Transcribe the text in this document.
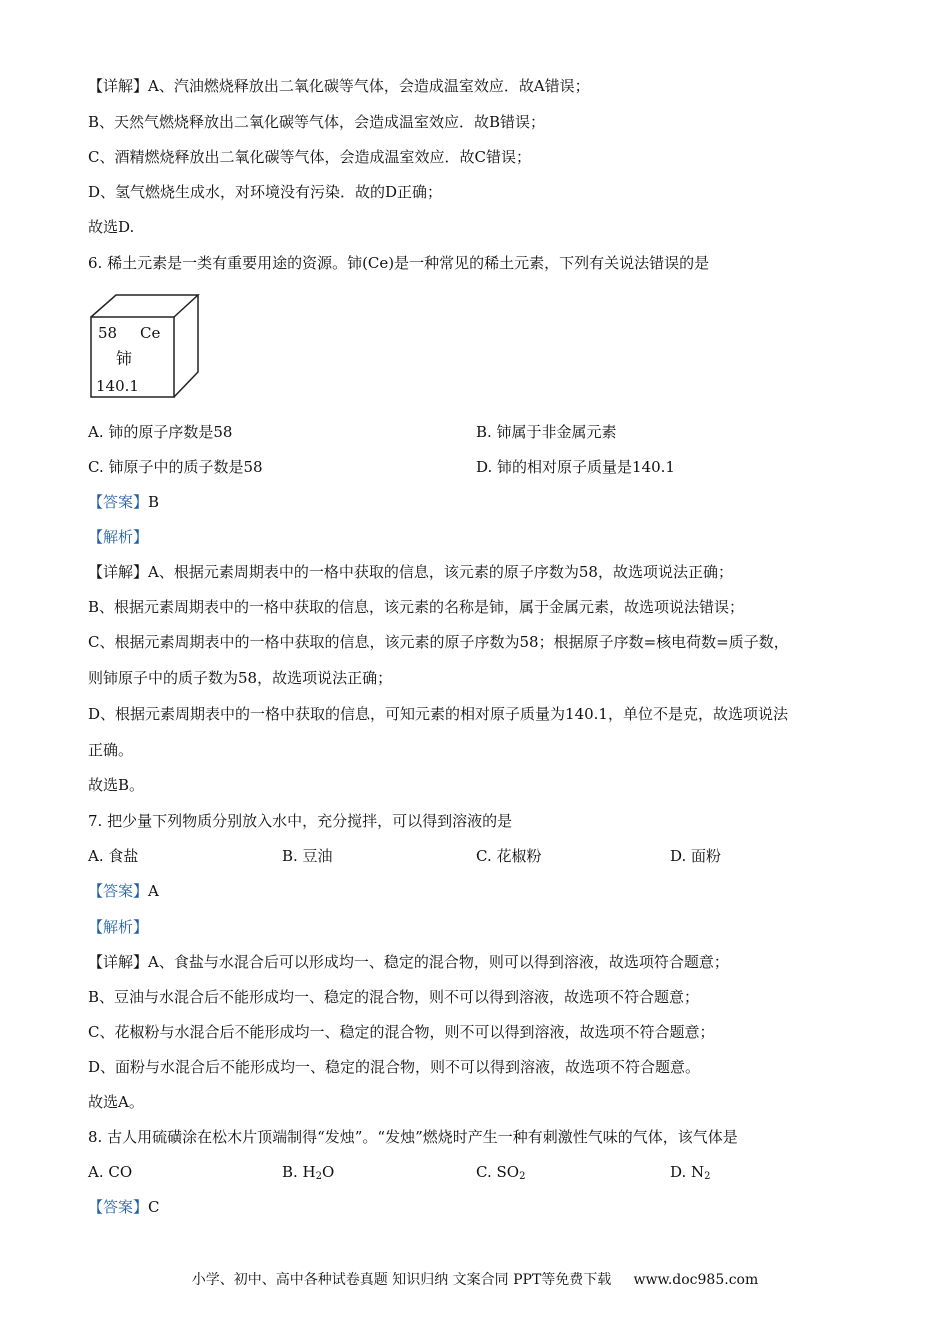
【详解】A、汽油燃烧释放出二氧化碳等气体，会造成温室效应．故A错误；
B、天然气燃烧释放出二氧化碳等气体，会造成温室效应．故B错误；
C、酒精燃烧释放出二氧化碳等气体，会造成温室效应．故C错误；
D、氢气燃烧生成水，对环境没有污染．故的D正确；
故选D.
6. 稀土元素是一类有重要用途的资源。铈(Ce)是一种常见的稀土元素，下列有关说法错误的是
58 Ce
铈
140.1
A. 铈的原子序数是58	B. 铈属于非金属元素
C. 铈原子中的质子数是58	D. 铈的相对原子质量是140.1
【答案】B
【解析】
【详解】A、根据元素周期表中的一格中获取的信息，该元素的原子序数为58，故选项说法正确；
B、根据元素周期表中的一格中获取的信息，该元素的名称是铈，属于金属元素，故选项说法错误；
C、根据元素周期表中的一格中获取的信息，该元素的原子序数为58；根据原子序数=核电荷数=质子数，
则铈原子中的质子数为58，故选项说法正确；
D、根据元素周期表中的一格中获取的信息，可知元素的相对原子质量为140.1，单位不是克，故选项说法
正确。
故选B。
7. 把少量下列物质分别放入水中，充分搅拌，可以得到溶液的是
A. 食盐	B. 豆油	C. 花椒粉	D. 面粉
【答案】A
【解析】
【详解】A、食盐与水混合后可以形成均一、稳定的混合物，则可以得到溶液，故选项符合题意；
B、豆油与水混合后不能形成均一、稳定的混合物，则不可以得到溶液，故选项不符合题意；
C、花椒粉与水混合后不能形成均一、稳定的混合物，则不可以得到溶液，故选项不符合题意；
D、面粉与水混合后不能形成均一、稳定的混合物，则不可以得到溶液，故选项不符合题意。
故选A。
8. 古人用硫磺涂在松木片顶端制得“发烛”。“发烛”燃烧时产生一种有刺激性气味的气体，该气体是
A. CO	B. $H_2O$	C. $SO_2$	D. $N_2$
【答案】C
小学、初中、高中各种试卷真题 知识归纳 文案合同 PPT等免费下载 www.doc985.com
